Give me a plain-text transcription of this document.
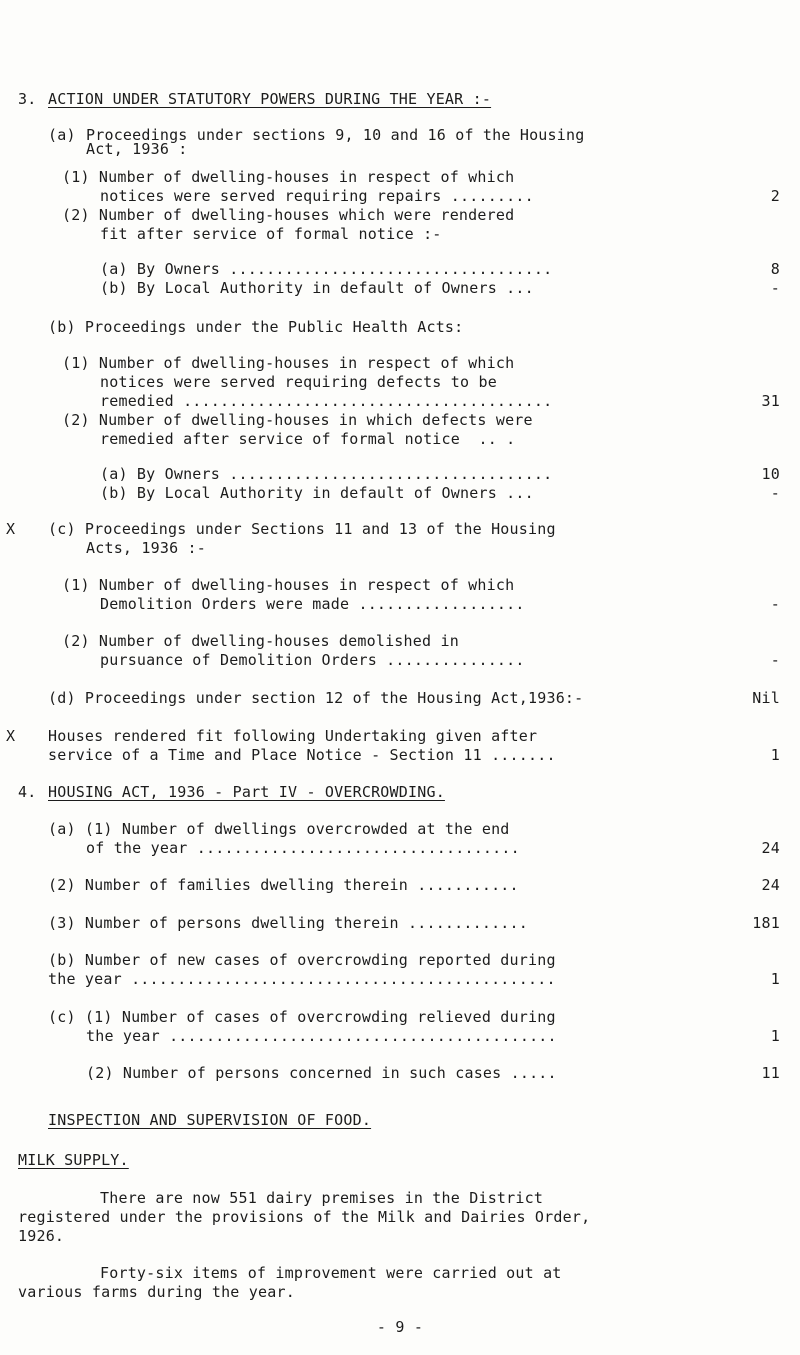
3. ACTION UNDER STATUTORY POWERS DURING THE YEAR :-
(a) Proceedings under sections 9, 10 and 16 of the Housing
Act, 1936 :
(1) Number of dwelling-houses in respect of which
notices were served requiring repairs .........	2
(2) Number of dwelling-houses which were rendered
fit after service of formal notice :-
(a) By Owners ...................................	8
(b) By Local Authority in default of Owners ...	-
(b) Proceedings under the Public Health Acts:
(1) Number of dwelling-houses in respect of which
notices were served requiring defects to be
remedied ........................................	31
(2) Number of dwelling-houses in which defects were
remedied after service of formal notice  .. .
(a) By Owners ...................................	10
(b) By Local Authority in default of Owners ...	-
X (c) Proceedings under Sections 11 and 13 of the Housing
Acts, 1936 :-
(1) Number of dwelling-houses in respect of which
Demolition Orders were made ..................	-
(2) Number of dwelling-houses demolished in
pursuance of Demolition Orders ...............	-
(d) Proceedings under section 12 of the Housing Act,1936:-	Nil
X Houses rendered fit following Undertaking given after
service of a Time and Place Notice - Section 11 .......	1
4. HOUSING ACT, 1936 - Part IV - OVERCROWDING.
(a) (1) Number of dwellings overcrowded at the end
of the year ...................................	24
(2) Number of families dwelling therein ...........	24
(3) Number of persons dwelling therein .............	181
(b) Number of new cases of overcrowding reported during
the year ..............................................	1
(c) (1) Number of cases of overcrowding relieved during
the year ..........................................	1
(2) Number of persons concerned in such cases .....	11
INSPECTION AND SUPERVISION OF FOOD.
MILK SUPPLY.
There are now 551 dairy premises in the District
registered under the provisions of the Milk and Dairies Order,
1926.
Forty-six items of improvement were carried out at
various farms during the year.
- 9 -
